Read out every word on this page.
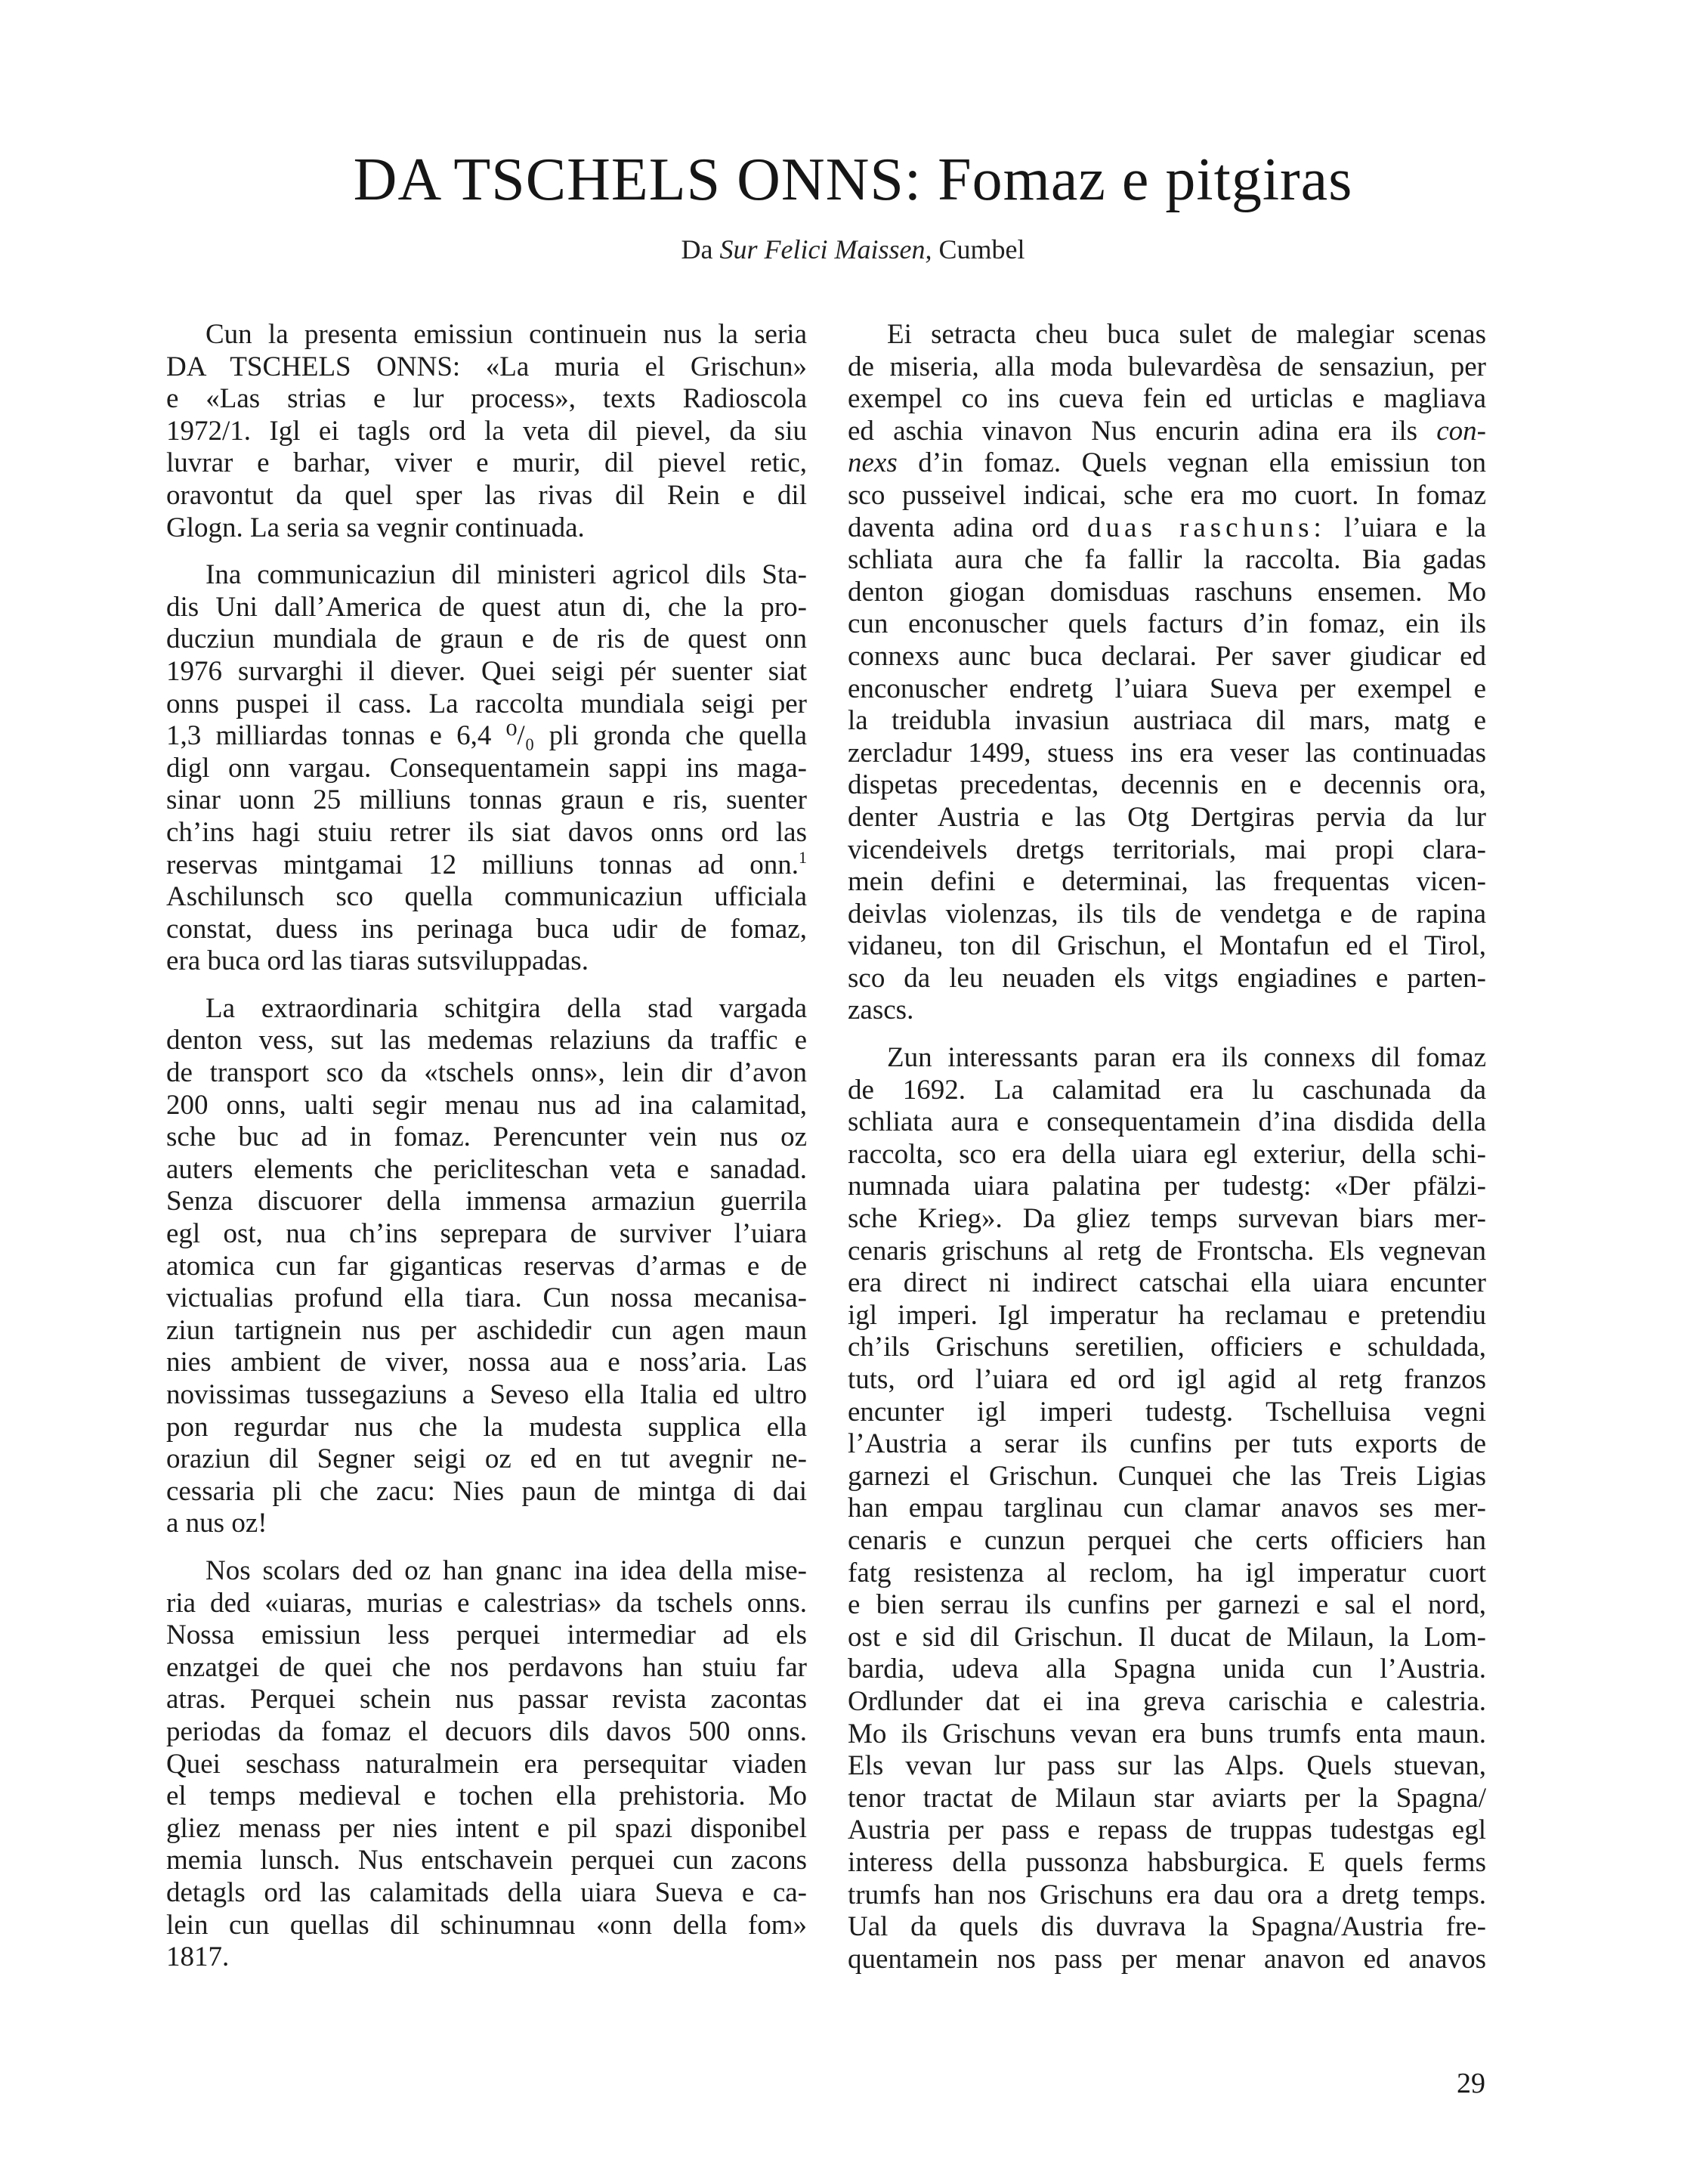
DA TSCHELS ONNS: Fomaz e pitgiras
Da Sur Felici Maissen, Cumbel
Cun la presenta emissiun continuein nus la seria
DA TSCHELS ONNS: «La muria el Grischun»
e «Las strias e lur process», texts Radioscola
1972/1. Igl ei tagls ord la veta dil pievel, da siu
luvrar e barhar, viver e murir, dil pievel retic,
oravontut da quel sper las rivas dil Rein e dil
Glogn. La seria sa vegnir continuada.
Ina communicaziun dil ministeri agricol dils Sta-
dis Uni dall’America de quest atun di, che la pro-
ducziun mundiala de graun e de ris de quest onn
1976 survarghi il diever. Quei seigi pér suenter siat
onns puspei il cass. La raccolta mundiala seigi per
1,3 milliardas tonnas e 6,4 ⁰/₀ pli gronda che quella
digl onn vargau. Consequentamein sappi ins maga-
sinar uonn 25 milliuns tonnas graun e ris, suenter
ch’ins hagi stuiu retrer ils siat davos onns ord las
reservas mintgamai 12 milliuns tonnas ad onn.$^1$
Aschilunsch sco quella communicaziun ufficiala
constat, duess ins perinaga buca udir de fomaz,
era buca ord las tiaras sutsviluppadas.
La extraordinaria schitgira della stad vargada
denton vess, sut las medemas relaziuns da traffic e
de transport sco da «tschels onns», lein dir d’avon
200 onns, ualti segir menau nus ad ina calamitad,
sche buc ad in fomaz. Perencunter vein nus oz
auters elements che pericliteschan veta e sanadad.
Senza discuorer della immensa armaziun guerrila
egl ost, nua ch’ins seprepara de surviver l’uiara
atomica cun far giganticas reservas d’armas e de
victualias profund ella tiara. Cun nossa mecanisa-
ziun tartignein nus per aschidedir cun agen maun
nies ambient de viver, nossa aua e noss’aria. Las
novissimas tussegaziuns a Seveso ella Italia ed ultro
pon regurdar nus che la mudesta supplica ella
oraziun dil Segner seigi oz ed en tut avegnir ne-
cessaria pli che zacu: Nies paun de mintga di dai
a nus oz!
Nos scolars ded oz han gnanc ina idea della mise-
ria ded «uiaras, murias e calestrias» da tschels onns.
Nossa emissiun less perquei intermediar ad els
enzatgei de quei che nos perdavons han stuiu far
atras. Perquei schein nus passar revista zacontas
periodas da fomaz el decuors dils davos 500 onns.
Quei seschass naturalmein era persequitar viaden
el temps medieval e tochen ella prehistoria. Mo
gliez menass per nies intent e pil spazi disponibel
memia lunsch. Nus entschavein perquei cun zacons
detagls ord las calamitads della uiara Sueva e ca-
lein cun quellas dil schinumnau «onn della fom»
1817.
Ei setracta cheu buca sulet de malegiar scenas
de miseria, alla moda bulevardèsa de sensaziun, per
exempel co ins cueva fein ed urticlas e magliava
ed aschia vinavon Nus encurin adina era ils con-
nexs d’in fomaz. Quels vegnan ella emissiun ton
sco pusseivel indicai, sche era mo cuort. In fomaz
daventa adina ord duas raschuns: l’uiara e la
schliata aura che fa fallir la raccolta. Bia gadas
denton giogan domisduas raschuns ensemen. Mo
cun enconuscher quels facturs d’in fomaz, ein ils
connexs aunc buca declarai. Per saver giudicar ed
enconuscher endretg l’uiara Sueva per exempel e
la treidubla invasiun austriaca dil mars, matg e
zercladur 1499, stuess ins era veser las continuadas
dispetas precedentas, decennis en e decennis ora,
denter Austria e las Otg Dertgiras pervia da lur
vicendeivels dretgs territorials, mai propi clara-
mein defini e determinai, las frequentas vicen-
deivlas violenzas, ils tils de vendetga e de rapina
vidaneu, ton dil Grischun, el Montafun ed el Tirol,
sco da leu neuaden els vitgs engiadines e parten-
zascs.
Zun interessants paran era ils connexs dil fomaz
de 1692. La calamitad era lu caschunada da
schliata aura e consequentamein d’ina disdida della
raccolta, sco era della uiara egl exteriur, della schi-
numnada uiara palatina per tudestg: «Der pfälzi-
sche Krieg». Da gliez temps survevan biars mer-
cenaris grischuns al retg de Frontscha. Els vegnevan
era direct ni indirect catschai ella uiara encunter
igl imperi. Igl imperatur ha reclamau e pretendiu
ch’ils Grischuns seretilien, officiers e schuldada,
tuts, ord l’uiara ed ord igl agid al retg franzos
encunter igl imperi tudestg. Tschelluisa vegni
l’Austria a serar ils cunfins per tuts exports de
garnezi el Grischun. Cunquei che las Treis Ligias
han empau targlinau cun clamar anavos ses mer-
cenaris e cunzun perquei che certs officiers han
fatg resistenza al reclom, ha igl imperatur cuort
e bien serrau ils cunfins per garnezi e sal el nord,
ost e sid dil Grischun. Il ducat de Milaun, la Lom-
bardia, udeva alla Spagna unida cun l’Austria.
Ordlunder dat ei ina greva carischia e calestria.
Mo ils Grischuns vevan era buns trumfs enta maun.
Els vevan lur pass sur las Alps. Quels stuevan,
tenor tractat de Milaun star aviarts per la Spagna/
Austria per pass e repass de truppas tudestgas egl
interess della pussonza habsburgica. E quels ferms
trumfs han nos Grischuns era dau ora a dretg temps.
Ual da quels dis duvrava la Spagna/Austria fre-
quentamein nos pass per menar anavon ed anavos
29
